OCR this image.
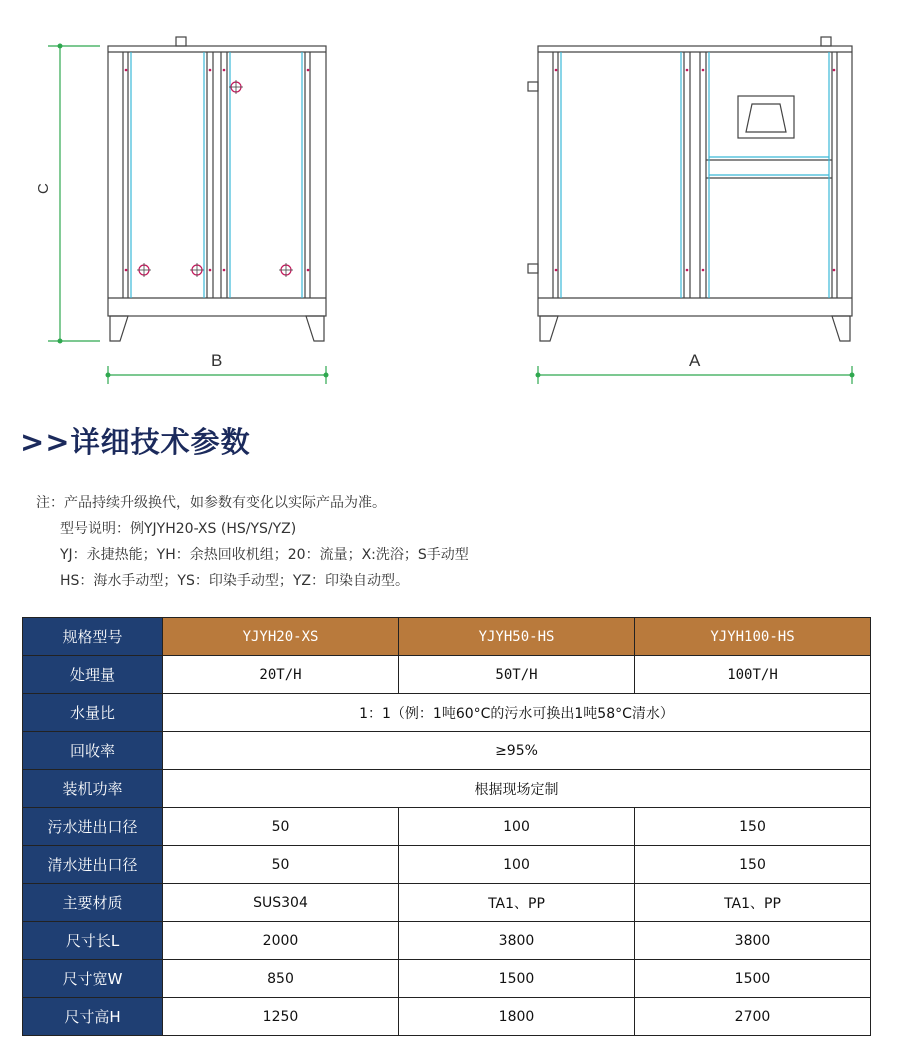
C
B	A
>>详细技术参数
注：产品持续升级换代，如参数有变化以实际产品为准。
型号说明：例YJYH20-XS (HS/YS/YZ)
YJ：永捷热能；YH：余热回收机组；20：流量；X:洗浴；S手动型
HS：海水手动型；YS：印染手动型；YZ：印染自动型。
规格型号	YJYH20-XS	YJYH50-HS	YJYH100-HS
处理量	20T/H	50T/H	100T/H
水量比	1：1（例：1吨60°C的污水可换出1吨58°C清水）		
回收率	≥95%		
装机功率	根据现场定制		
污水进出口径	50	100	150
清水进出口径	50	100	150
主要材质	SUS304	TA1、PP	TA1、PP
尺寸长L	2000	3800	3800
尺寸宽W	850	1500	1500
尺寸高H	1250	1800	2700
